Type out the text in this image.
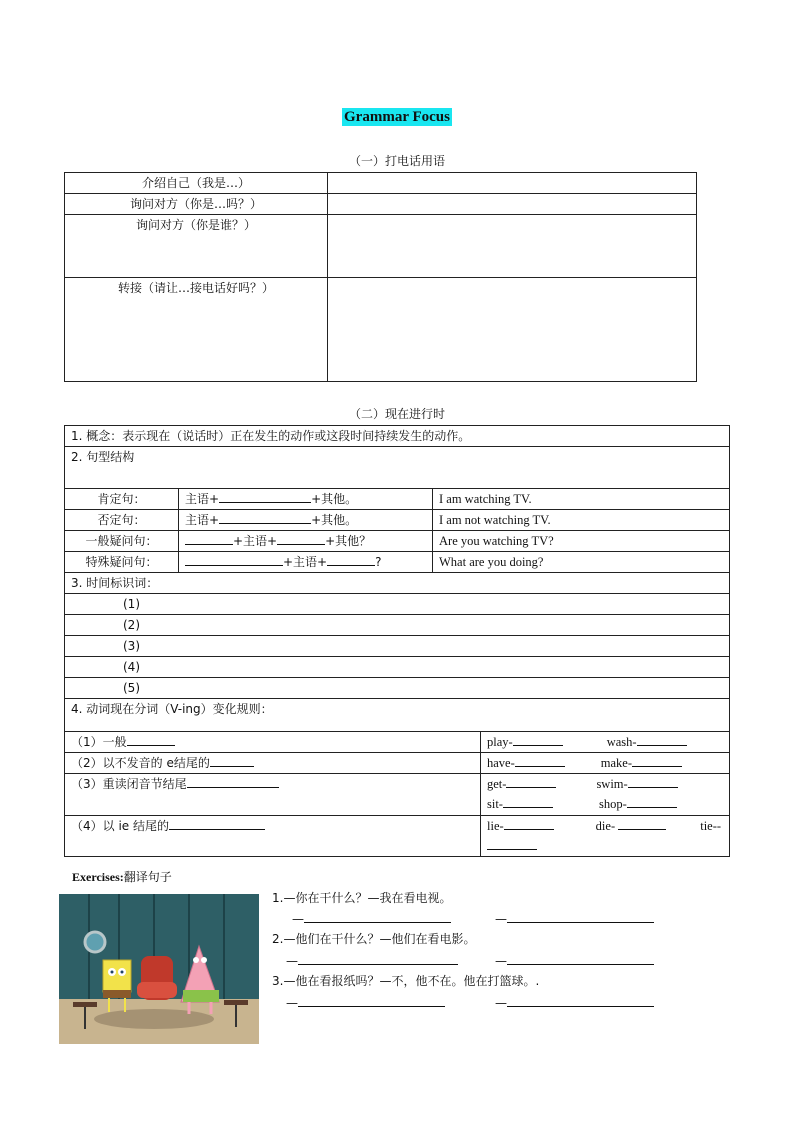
Grammar Focus
（一）打电话用语
介绍自己（我是…）	
询问对方（你是…吗？）	
询问对方（你是谁？）	
转接（请让…接电话好吗？）	
（二）现在进行时
1. 概念：表示现在（说话时）正在发生的动作或这段时间持续发生的动作。			
2. 句型结构			
肯定句：	主语+ +其他。	I am watching TV.	
否定句：	主语+ +其他。	I am not watching TV.	
一般疑问句：	+主语+ +其他？	Are you watching TV?	
特殊疑问句：	+主语+ ?	What are you doing?	
3. 时间标识词：			
(1)			
(2)			
(3)			
(4)			
(5)			
4. 动词现在分词（V-ing）变化规则：			
（1）一般			play- wash-
（2）以不发音的 e结尾的			have- make-
（3）重读闭音节结尾			get- swim-
sit- shop-

（4）以 ie 结尾的			lie- die- tie--
Exercises:翻译句子
1.—你在干什么？—我在看电视。
—	—
2.—他们在干什么？—他们在看电影。
—	—
3.—他在看报纸吗？—不，他不在。他在打篮球。.
—	—
